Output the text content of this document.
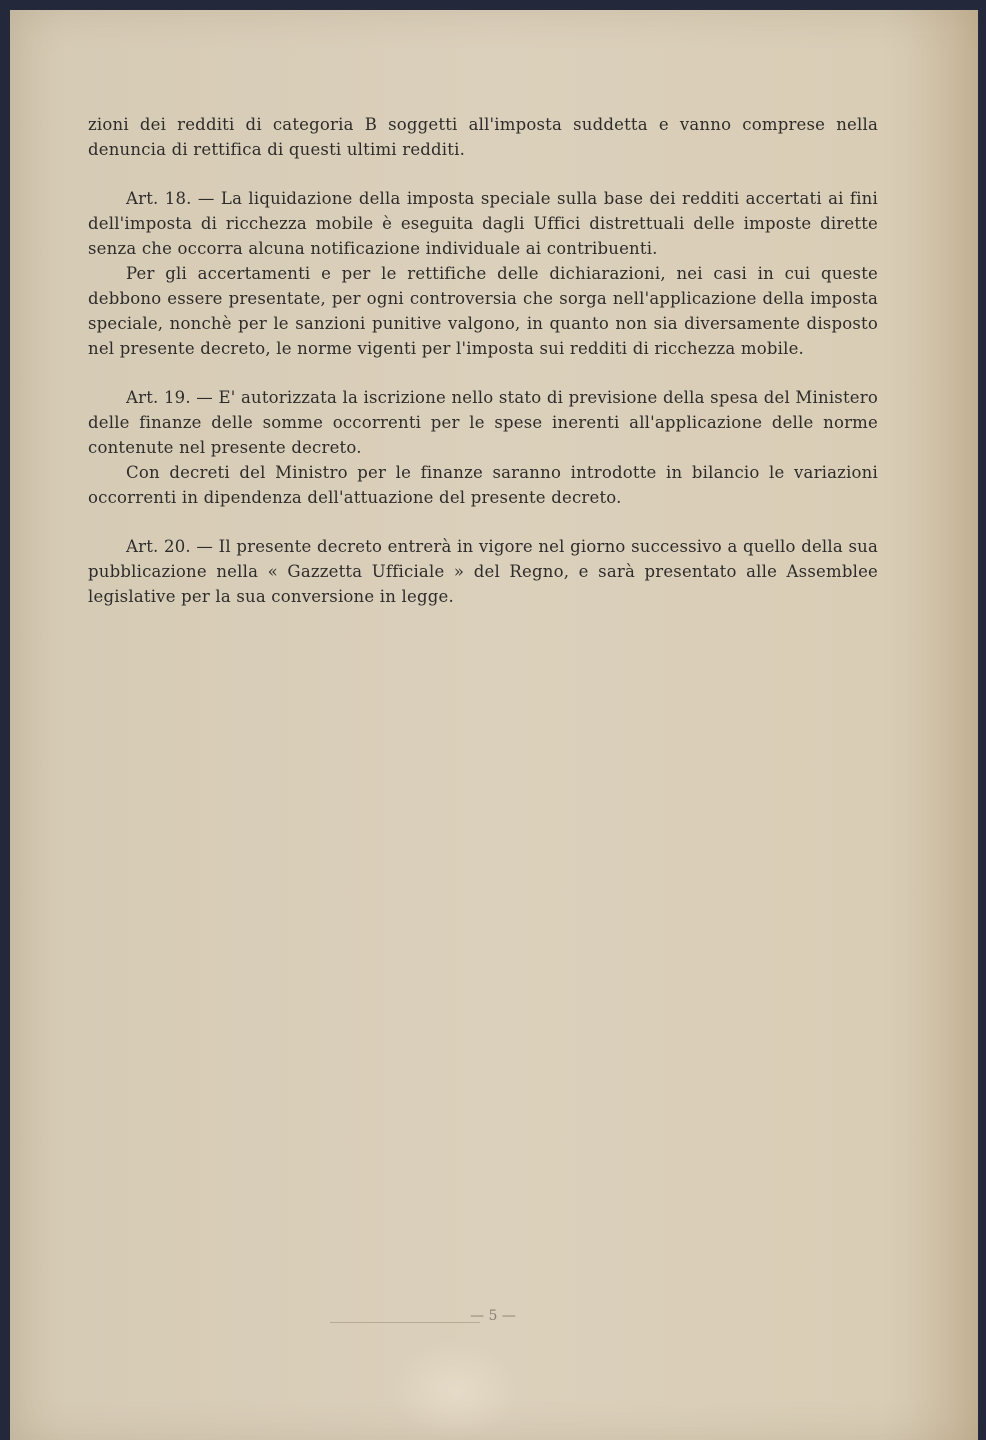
zioni dei redditi di categoria B soggetti all'imposta suddetta e vanno comprese nella denuncia di rettifica di questi ultimi redditi.

Art. 18. — La liquidazione della imposta speciale sulla base dei redditi accertati ai fini dell'imposta di ricchezza mobile è eseguita dagli Uffici distrettuali delle imposte dirette senza che occorra alcuna notificazione individuale ai contribuenti.

Per gli accertamenti e per le rettifiche delle dichiarazioni, nei casi in cui queste debbono essere presentate, per ogni controversia che sorga nell'applicazione della imposta speciale, nonchè per le sanzioni punitive valgono, in quanto non sia diversamente disposto nel presente decreto, le norme vigenti per l'imposta sui redditi di ricchezza mobile.

Art. 19. — E' autorizzata la iscrizione nello stato di previsione della spesa del Ministero delle finanze delle somme occorrenti per le spese inerenti all'applicazione delle norme contenute nel presente decreto.

Con decreti del Ministro per le finanze saranno introdotte in bilancio le variazioni occorrenti in dipendenza dell'attuazione del presente decreto.

Art. 20. — Il presente decreto entrerà in vigore nel giorno successivo a quello della sua pubblicazione nella « Gazzetta Ufficiale » del Regno, e sarà presentato alle Assemblee legislative per la sua conversione in legge.

— 5 —
